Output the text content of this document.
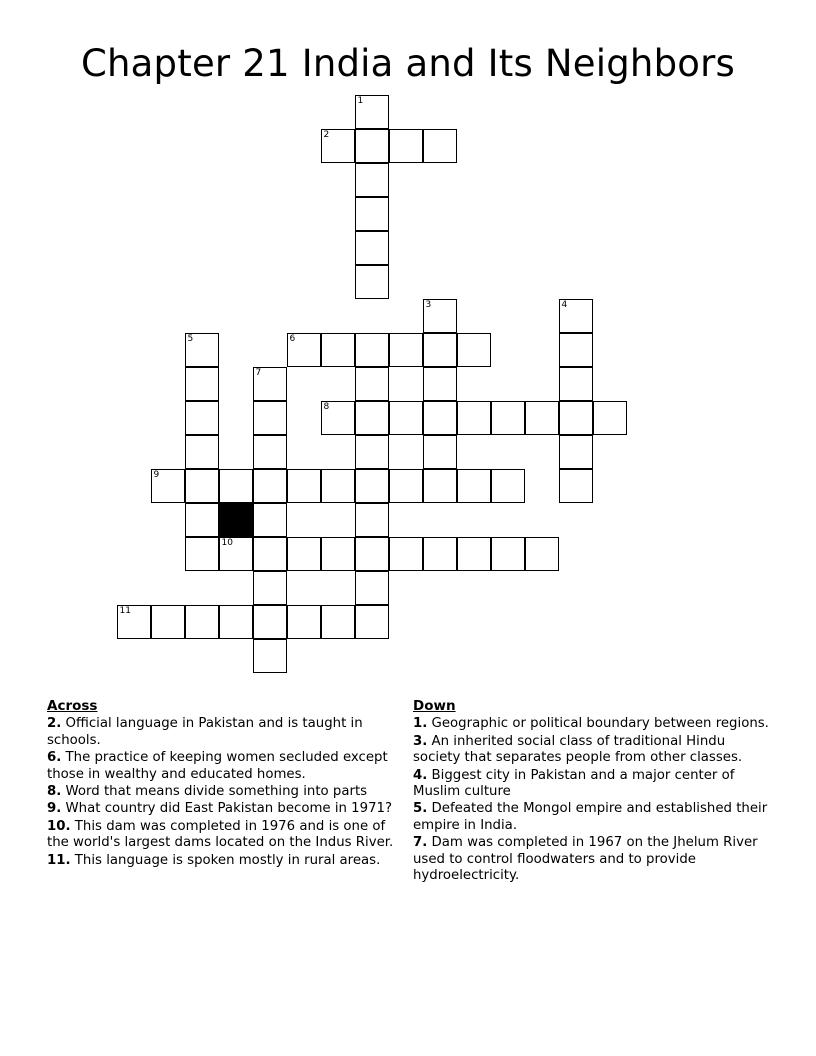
Chapter 21 India and Its Neighbors
1
2
3	4
5	6
7
8
9
10
11
Across

2. Official language in Pakistan and is taught in schools.

6. The practice of keeping women secluded except those in wealthy and educated homes.

8. Word that means divide something into parts

9. What country did East Pakistan become in 1971?

10. This dam was completed in 1976 and is one of the world's largest dams located on the Indus River.

11. This language is spoken mostly in rural areas.

Down

1. Geographic or political boundary between regions.

3. An inherited social class of traditional Hindu society that separates people from other classes.

4. Biggest city in Pakistan and a major center of Muslim culture

5. Defeated the Mongol empire and established their empire in India.

7. Dam was completed in 1967 on the Jhelum River used to control floodwaters and to provide hydroelectricity.
